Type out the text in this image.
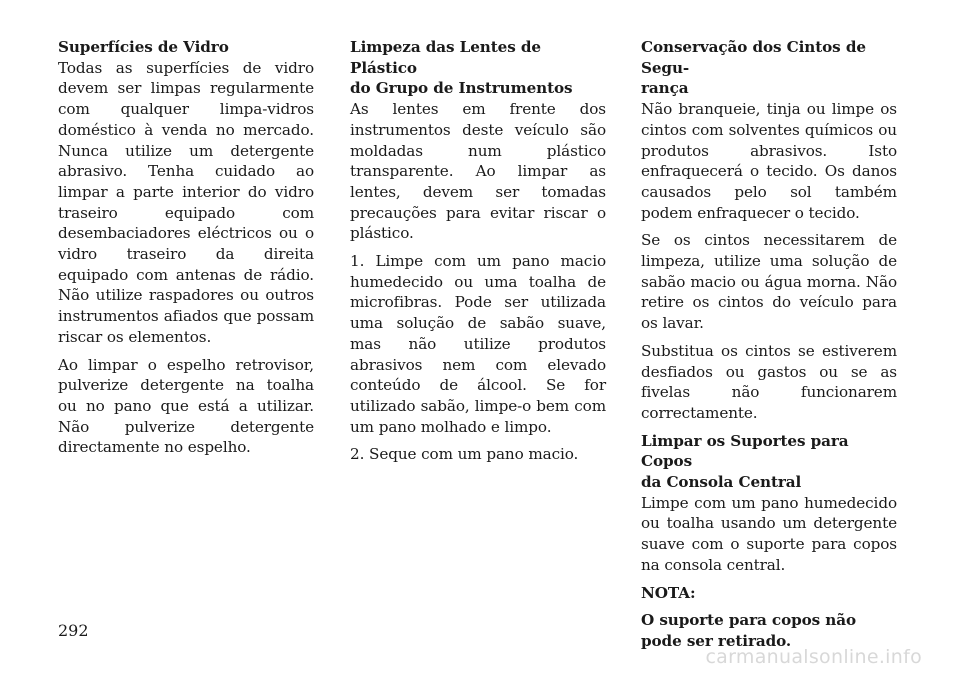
Superfícies de Vidro

Todas as superfícies de vidro devem ser limpas regularmente com qualquer limpa-vidros doméstico à venda no mercado. Nunca utilize um detergente abrasivo. Tenha cuidado ao limpar a parte interior do vidro traseiro equipado com desembaciadores eléctricos ou o vidro traseiro da direita equipado com antenas de rádio. Não utilize raspadores ou outros instrumentos afiados que possam riscar os elementos.

Ao limpar o espelho retrovisor, pulverize detergente na toalha ou no pano que está a utilizar. Não pulverize detergente directamente no espelho.

Limpeza das Lentes de Plástico
do Grupo de Instrumentos

As lentes em frente dos instrumentos deste veículo são moldadas num plástico transparente. Ao limpar as lentes, devem ser tomadas precauções para evitar riscar o plástico.

1. Limpe com um pano macio humedecido ou uma toalha de microfibras. Pode ser utilizada uma solução de sabão suave, mas não utilize produtos abrasivos nem com elevado conteúdo de álcool. Se for utilizado sabão, limpe-o bem com um pano molhado e limpo.

2. Seque com um pano macio.

Conservação dos Cintos de Segu-
rança

Não branqueie, tinja ou limpe os cintos com solventes químicos ou produtos abrasivos. Isto enfraquecerá o tecido. Os danos causados pelo sol também podem enfraquecer o tecido.

Se os cintos necessitarem de limpeza, utilize uma solução de sabão macio ou água morna. Não retire os cintos do veículo para os lavar.

Substitua os cintos se estiverem desfiados ou gastos ou se as fivelas não funcionarem correctamente.

Limpar os Suportes para Copos
da Consola Central

Limpe com um pano humedecido ou toalha usando um detergente suave com o suporte para copos na consola central.

NOTA:

O suporte para copos não pode ser retirado.

292
carmanualsonline.info
